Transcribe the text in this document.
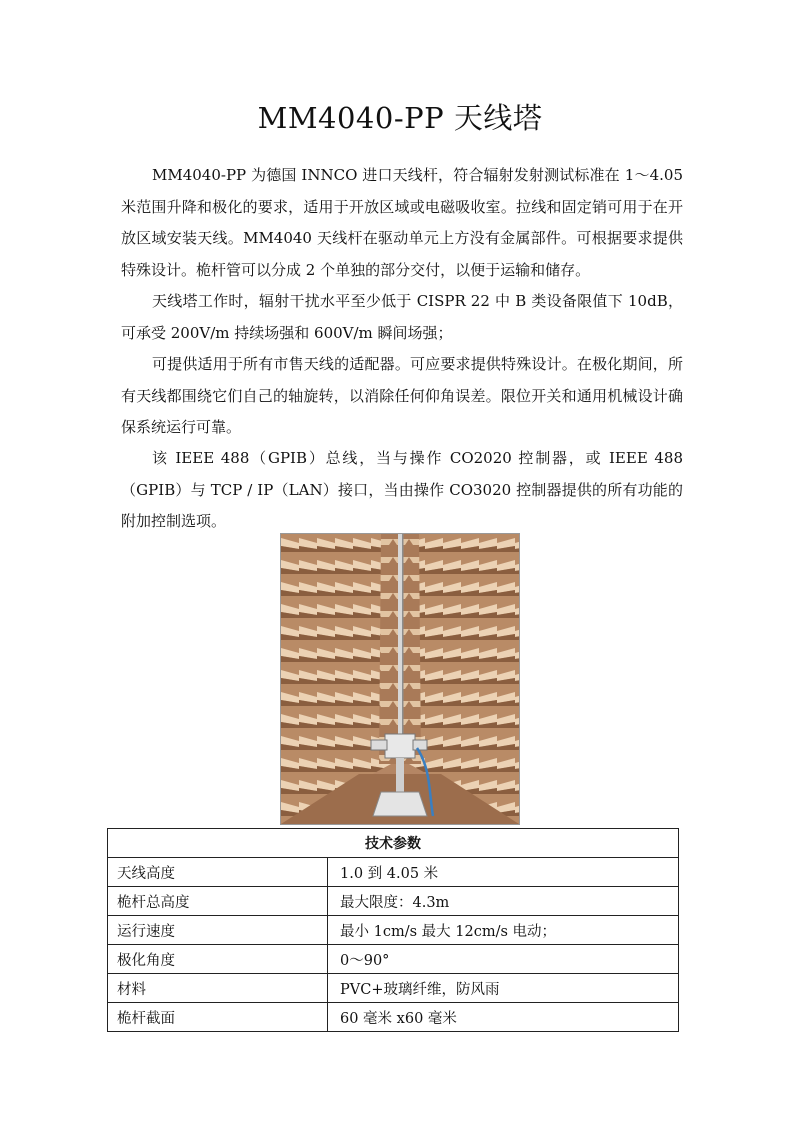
MM4040-PP 天线塔

MM4040-PP 为德国 INNCO 进口天线杆，符合辐射发射测试标准在 1～4.05 米范围升降和极化的要求，适用于开放区域或电磁吸收室。拉线和固定销可用于在开放区域安装天线。MM4040 天线杆在驱动单元上方没有金属部件。可根据要求提供特殊设计。桅杆管可以分成 2 个单独的部分交付，以便于运输和储存。

天线塔工作时，辐射干扰水平至少低于 CISPR 22 中 B 类设备限值下 10dB，可承受 200V/m 持续场强和 600V/m 瞬间场强；

可提供适用于所有市售天线的适配器。可应要求提供特殊设计。在极化期间，所有天线都围绕它们自己的轴旋转，以消除任何仰角误差。限位开关和通用机械设计确保系统运行可靠。

该 IEEE 488（GPIB）总线，当与操作 CO2020 控制器，或 IEEE 488（GPIB）与 TCP / IP（LAN）接口，当由操作 CO3020 控制器提供的所有功能的附加控制选项。

技术参数	
天线高度	1.0 到 4.05 米
桅杆总高度	最大限度：4.3m
运行速度	最小 1cm/s 最大 12cm/s 电动；
极化角度	0～90°
材料	PVC+玻璃纤维，防风雨
桅杆截面	60 毫米 x60 毫米
